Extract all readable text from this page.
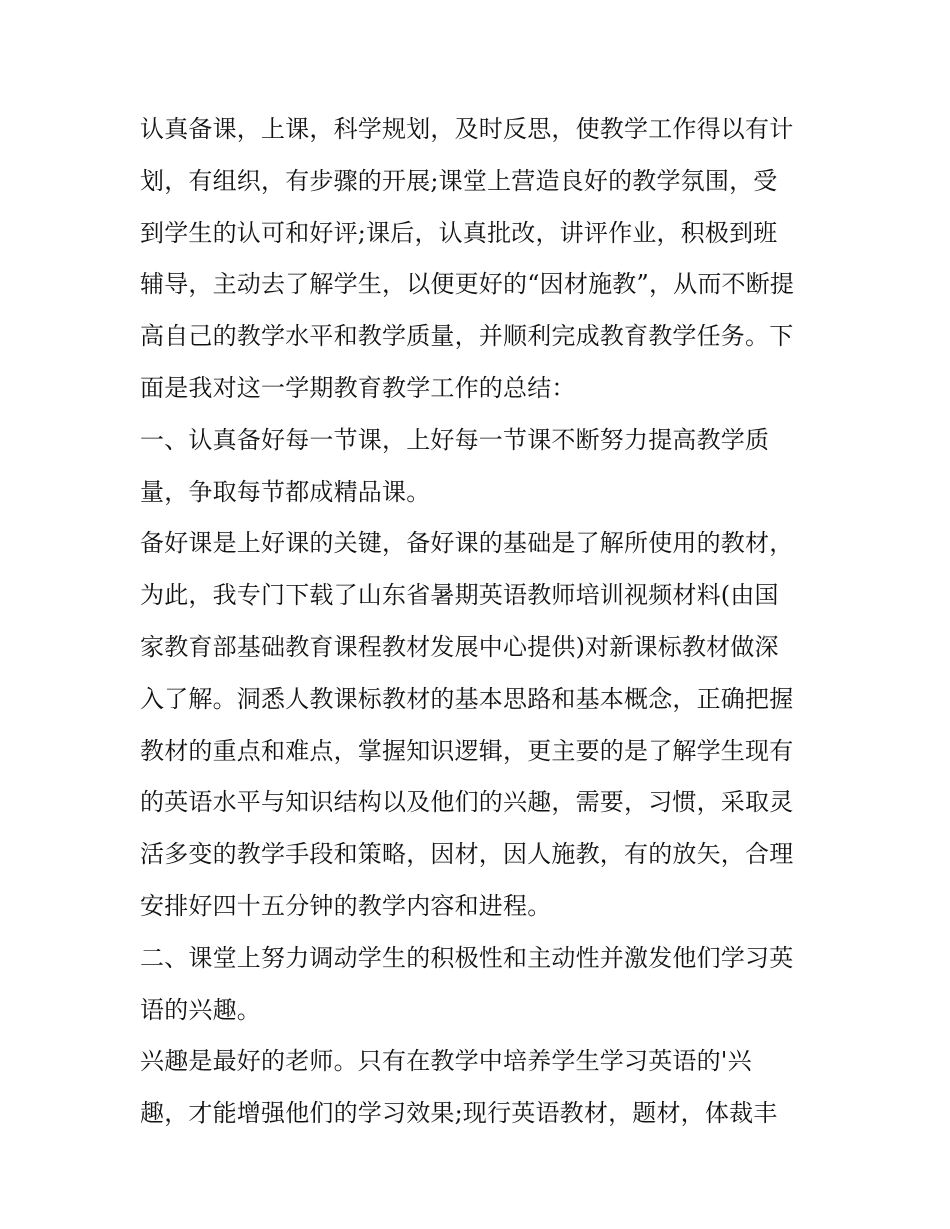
认真备课，上课，科学规划，及时反思，使教学工作得以有计
划，有组织，有步骤的开展;课堂上营造良好的教学氛围，受
到学生的认可和好评;课后，认真批改，讲评作业，积极到班
辅导，主动去了解学生，以便更好的“因材施教”，从而不断提
高自己的教学水平和教学质量，并顺利完成教育教学任务。下
面是我对这一学期教育教学工作的总结：
一、认真备好每一节课，上好每一节课不断努力提高教学质
量，争取每节都成精品课。
备好课是上好课的关键，备好课的基础是了解所使用的教材，
为此，我专门下载了山东省暑期英语教师培训视频材料(由国
家教育部基础教育课程教材发展中心提供)对新课标教材做深
入了解。洞悉人教课标教材的基本思路和基本概念，正确把握
教材的重点和难点，掌握知识逻辑，更主要的是了解学生现有
的英语水平与知识结构以及他们的兴趣，需要，习惯，采取灵
活多变的教学手段和策略，因材，因人施教，有的放矢，合理
安排好四十五分钟的教学内容和进程。
二、课堂上努力调动学生的积极性和主动性并激发他们学习英
语的兴趣。
兴趣是最好的老师。只有在教学中培养学生学习英语的'兴
趣，才能增强他们的学习效果;现行英语教材，题材，体裁丰
